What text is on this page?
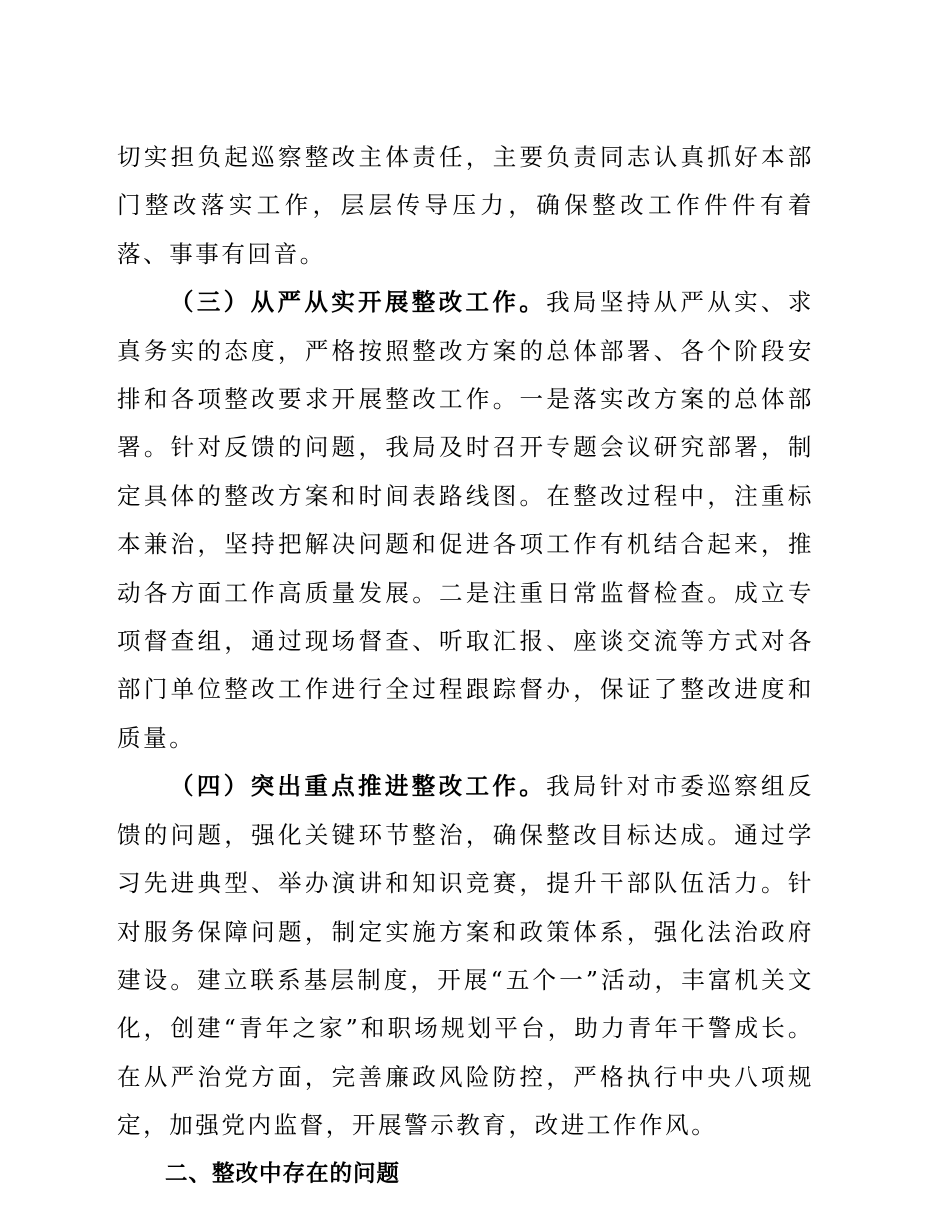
切实担负起巡察整改主体责任，主要负责同志认真抓好本部门整改落实工作，层层传导压力，确保整改工作件件有着落、事事有回音。

（三）从严从实开展整改工作。我局坚持从严从实、求真务实的态度，严格按照整改方案的总体部署、各个阶段安排和各项整改要求开展整改工作。一是落实改方案的总体部署。针对反馈的问题，我局及时召开专题会议研究部署，制定具体的整改方案和时间表路线图。在整改过程中，注重标本兼治，坚持把解决问题和促进各项工作有机结合起来，推动各方面工作高质量发展。二是注重日常监督检查。成立专项督查组，通过现场督查、听取汇报、座谈交流等方式对各部门单位整改工作进行全过程跟踪督办，保证了整改进度和质量。

（四）突出重点推进整改工作。我局针对市委巡察组反馈的问题，强化关键环节整治，确保整改目标达成。通过学习先进典型、举办演讲和知识竞赛，提升干部队伍活力。针对服务保障问题，制定实施方案和政策体系，强化法治政府建设。建立联系基层制度，开展“五个一”活动，丰富机关文化，创建“青年之家”和职场规划平台，助力青年干警成长。在从严治党方面，完善廉政风险防控，严格执行中央八项规定，加强党内监督，开展警示教育，改进工作作风。

二、整改中存在的问题
